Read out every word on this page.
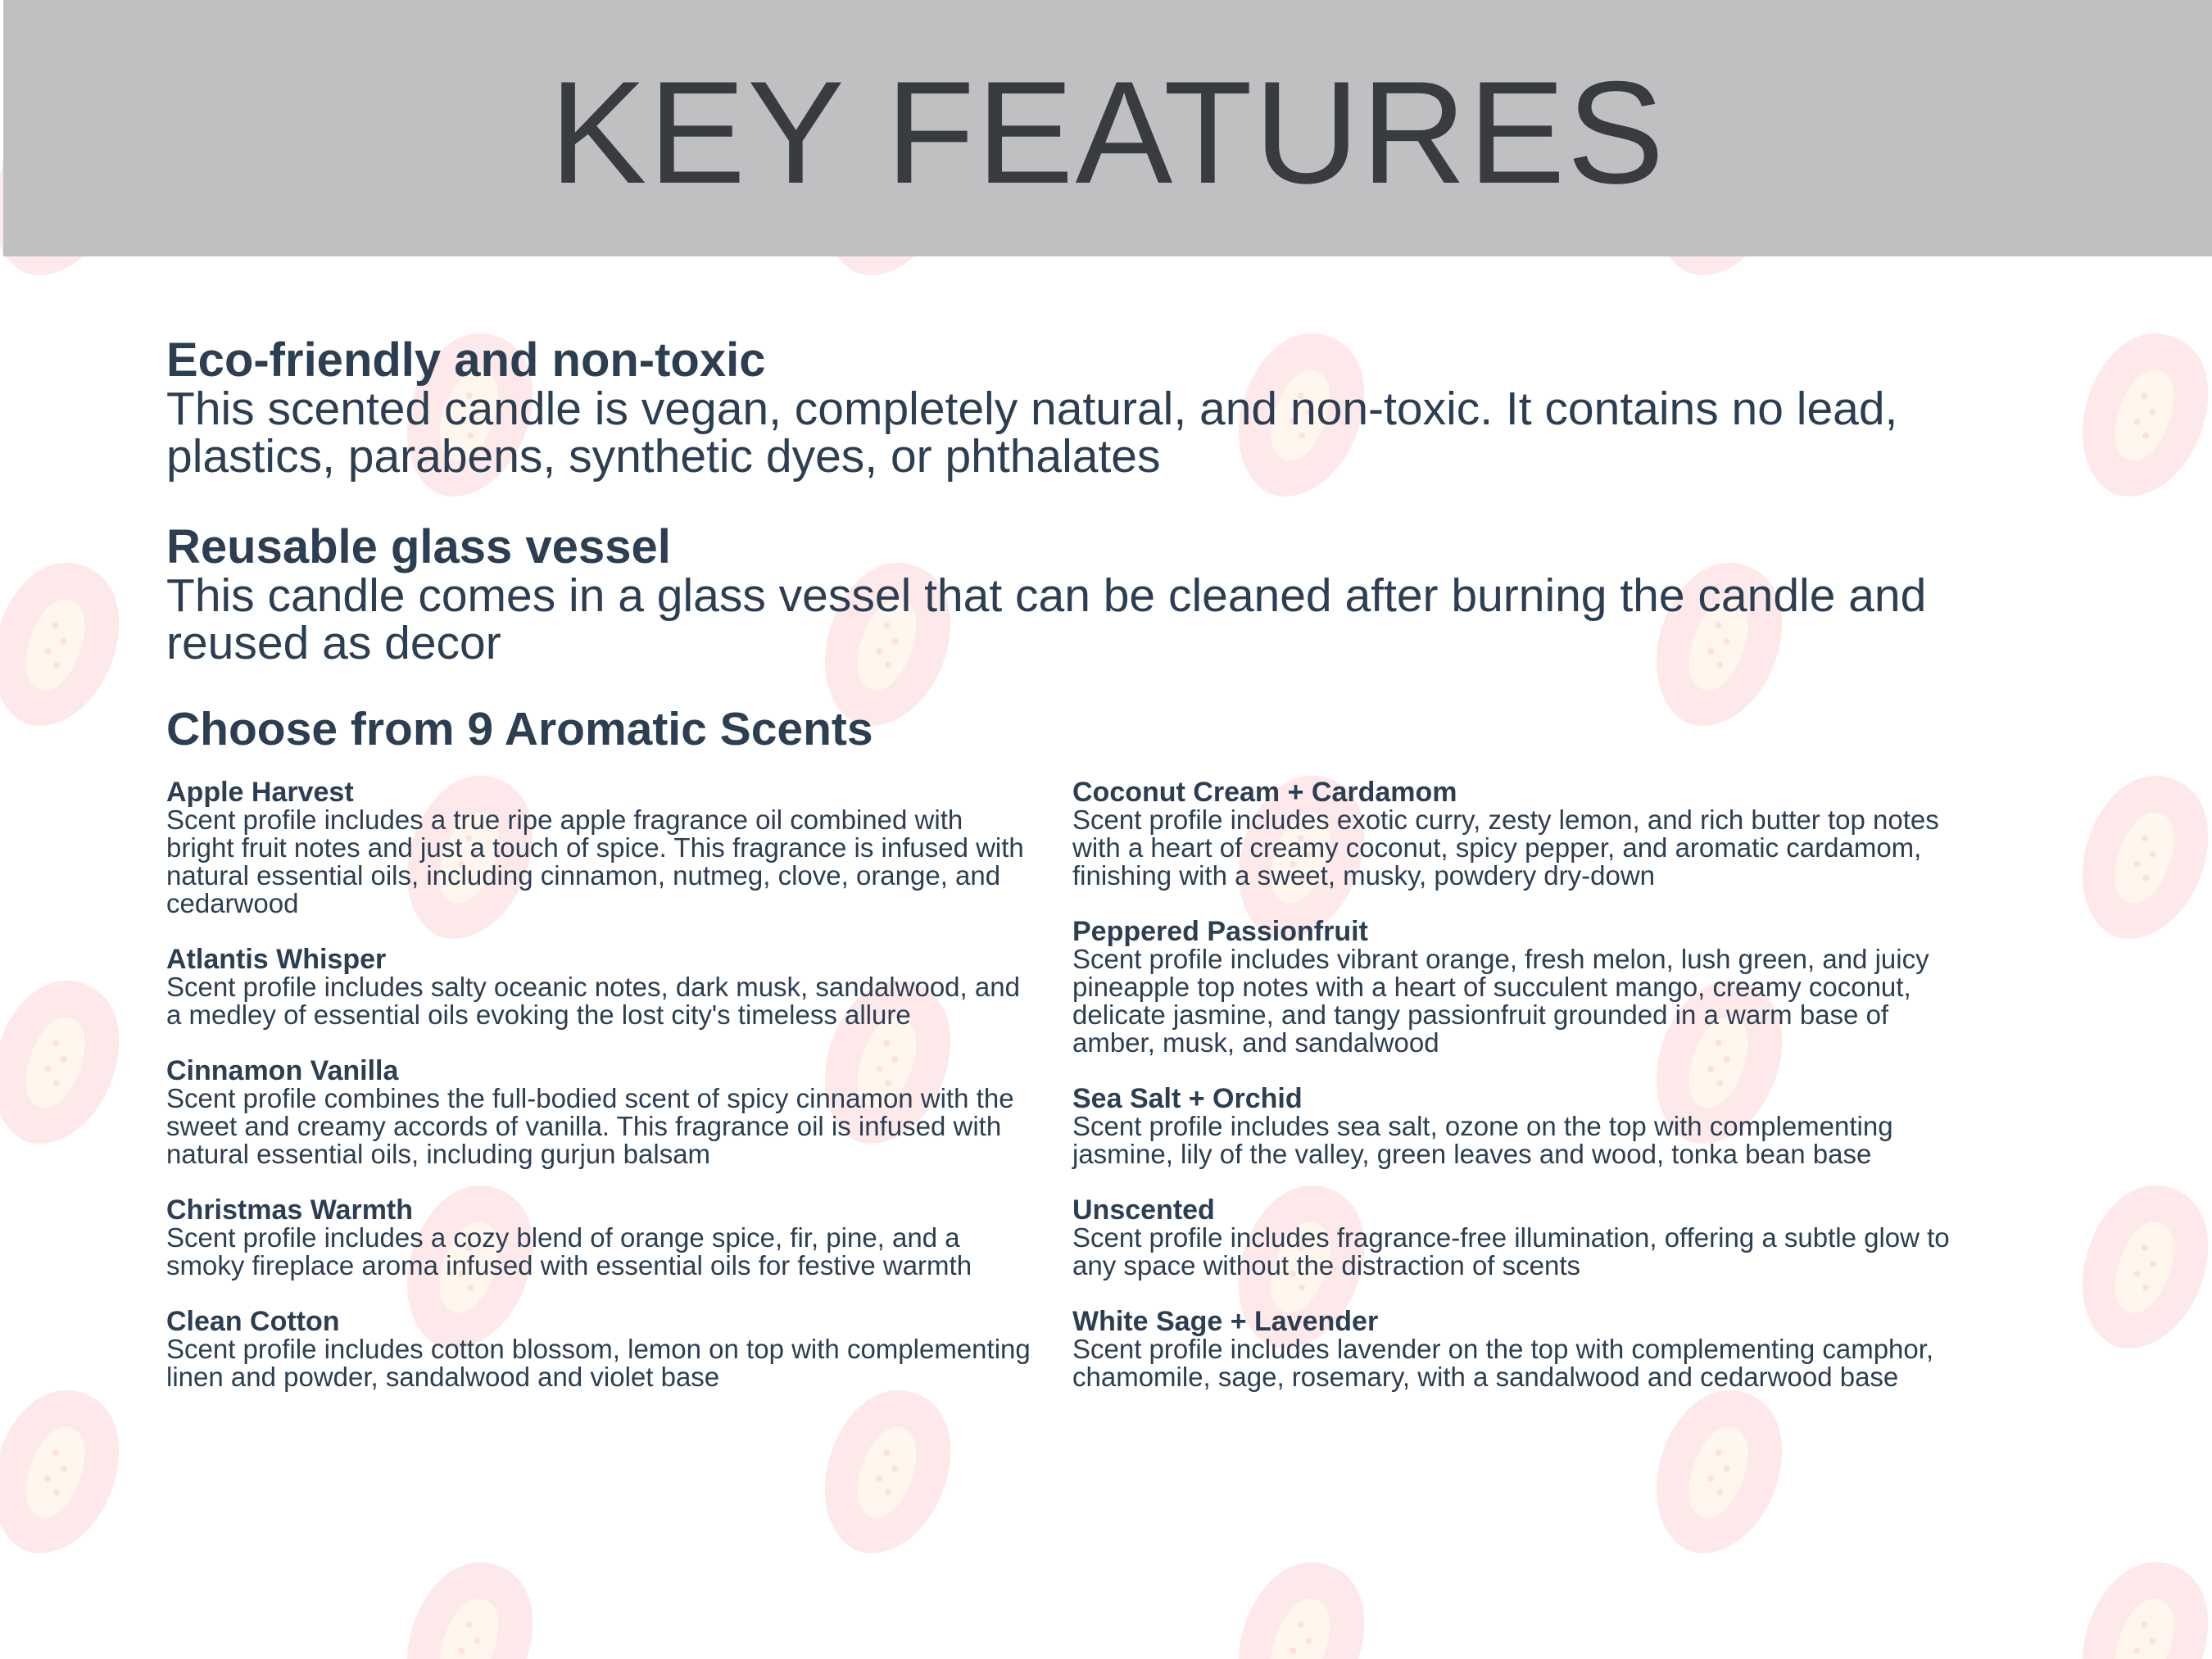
KEY FEATURES
Eco-friendly and non-toxic
This scented candle is vegan, completely natural, and non-toxic. It contains no lead, plastics, parabens, synthetic dyes, or phthalates
Reusable glass vessel
This candle comes in a glass vessel that can be cleaned after burning the candle and reused as decor
Choose from 9 Aromatic Scents
Apple Harvest
Scent profile includes a true ripe apple fragrance oil combined with bright fruit notes and just a touch of spice. This fragrance is infused with natural essential oils, including cinnamon, nutmeg, clove, orange, and cedarwood
Atlantis Whisper
Scent profile includes salty oceanic notes, dark musk, sandalwood, and a medley of essential oils evoking the lost city's timeless allure
Cinnamon Vanilla
Scent profile combines the full-bodied scent of spicy cinnamon with the sweet and creamy accords of vanilla. This fragrance oil is infused with natural essential oils, including gurjun balsam
Christmas Warmth
Scent profile includes a cozy blend of orange spice, fir, pine, and a smoky fireplace aroma infused with essential oils for festive warmth
Clean Cotton
Scent profile includes cotton blossom, lemon on top with complementing linen and powder, sandalwood and violet base
Coconut Cream + Cardamom
Scent profile includes exotic curry, zesty lemon, and rich butter top notes with a heart of creamy coconut, spicy pepper, and aromatic cardamom, finishing with a sweet, musky, powdery dry-down
Peppered Passionfruit
Scent profile includes vibrant orange, fresh melon, lush green, and juicy pineapple top notes with a heart of succulent mango, creamy coconut, delicate jasmine, and tangy passionfruit grounded in a warm base of amber, musk, and sandalwood
Sea Salt + Orchid
Scent profile includes sea salt, ozone on the top with complementing jasmine, lily of the valley, green leaves and wood, tonka bean base
Unscented
Scent profile includes fragrance-free illumination, offering a subtle glow to any space without the distraction of scents
White Sage + Lavender
Scent profile includes lavender on the top with complementing camphor, chamomile, sage, rosemary, with a sandalwood and cedarwood base
